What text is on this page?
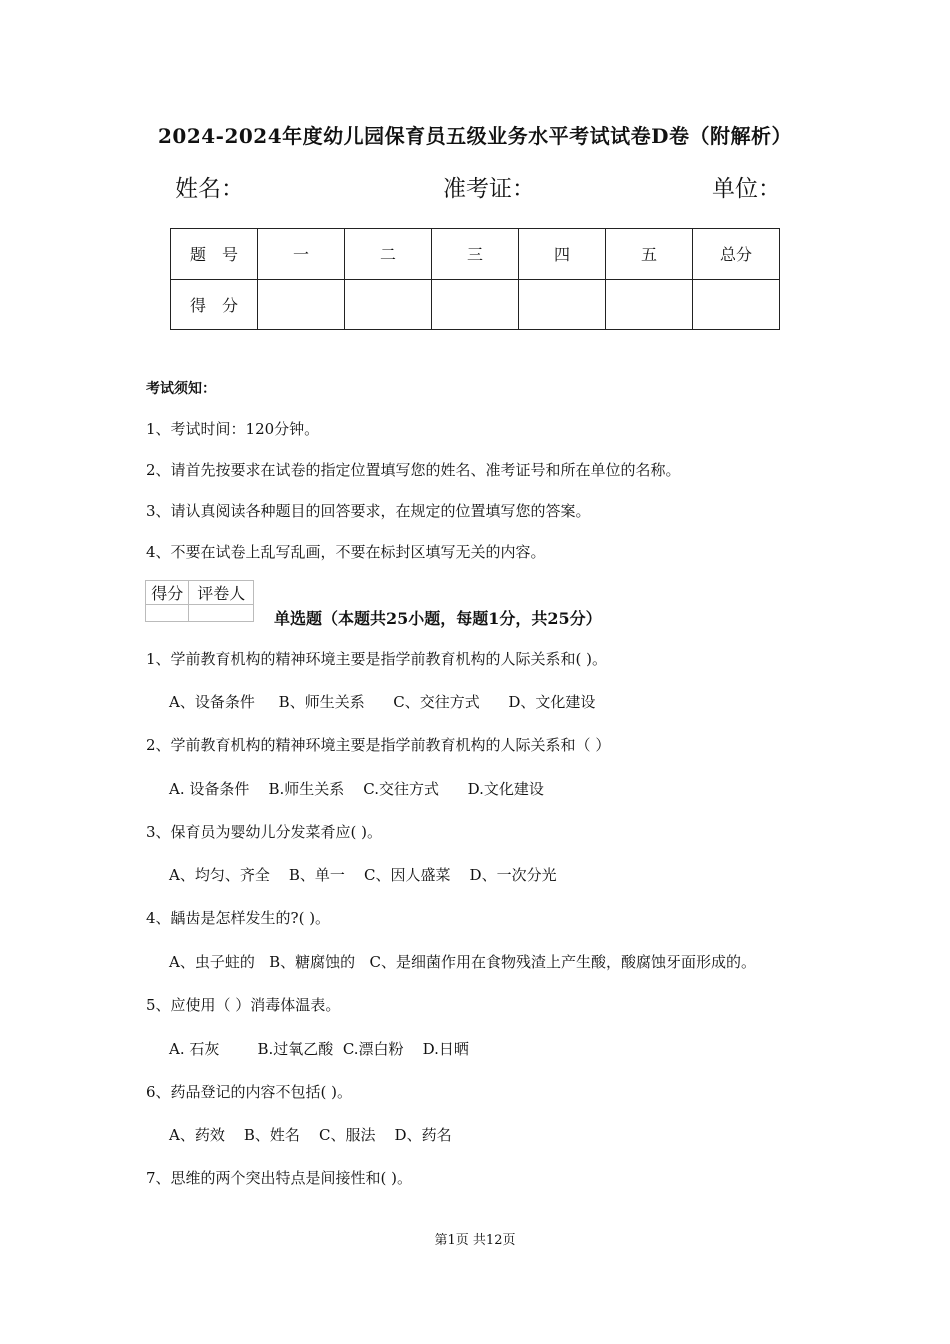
2024-2024年度幼儿园保育员五级业务水平考试试卷D卷（附解析）
姓名：	准考证：	单位：
题　号	一	二	三	四	五	总分
得　分						
考试须知：
1、考试时间：120分钟。
2、请首先按要求在试卷的指定位置填写您的姓名、准考证号和所在单位的名称。
3、请认真阅读各种题目的回答要求，在规定的位置填写您的答案。
4、不要在试卷上乱写乱画，不要在标封区填写无关的内容。
得分	评卷人

单选题（本题共25小题，每题1分，共25分）
1、学前教育机构的精神环境主要是指学前教育机构的人际关系和( )。
A、设备条件     B、师生关系      C、交往方式      D、文化建设
2、学前教育机构的精神环境主要是指学前教育机构的人际关系和（ ）
A. 设备条件    B.师生关系    C.交往方式      D.文化建设
3、保育员为婴幼儿分发菜肴应( )。
A、均匀、齐全    B、单一    C、因人盛菜    D、一次分光
4、龋齿是怎样发生的?( )。
A、虫子蛀的   B、糖腐蚀的   C、是细菌作用在食物残渣上产生酸，酸腐蚀牙面形成的。
5、应使用（ ）消毒体温表。
A. 石灰        B.过氧乙酸  C.漂白粉    D.日晒
6、药品登记的内容不包括( )。
A、药效    B、姓名    C、服法    D、药名
7、思维的两个突出特点是间接性和( )。
第1页 共12页
